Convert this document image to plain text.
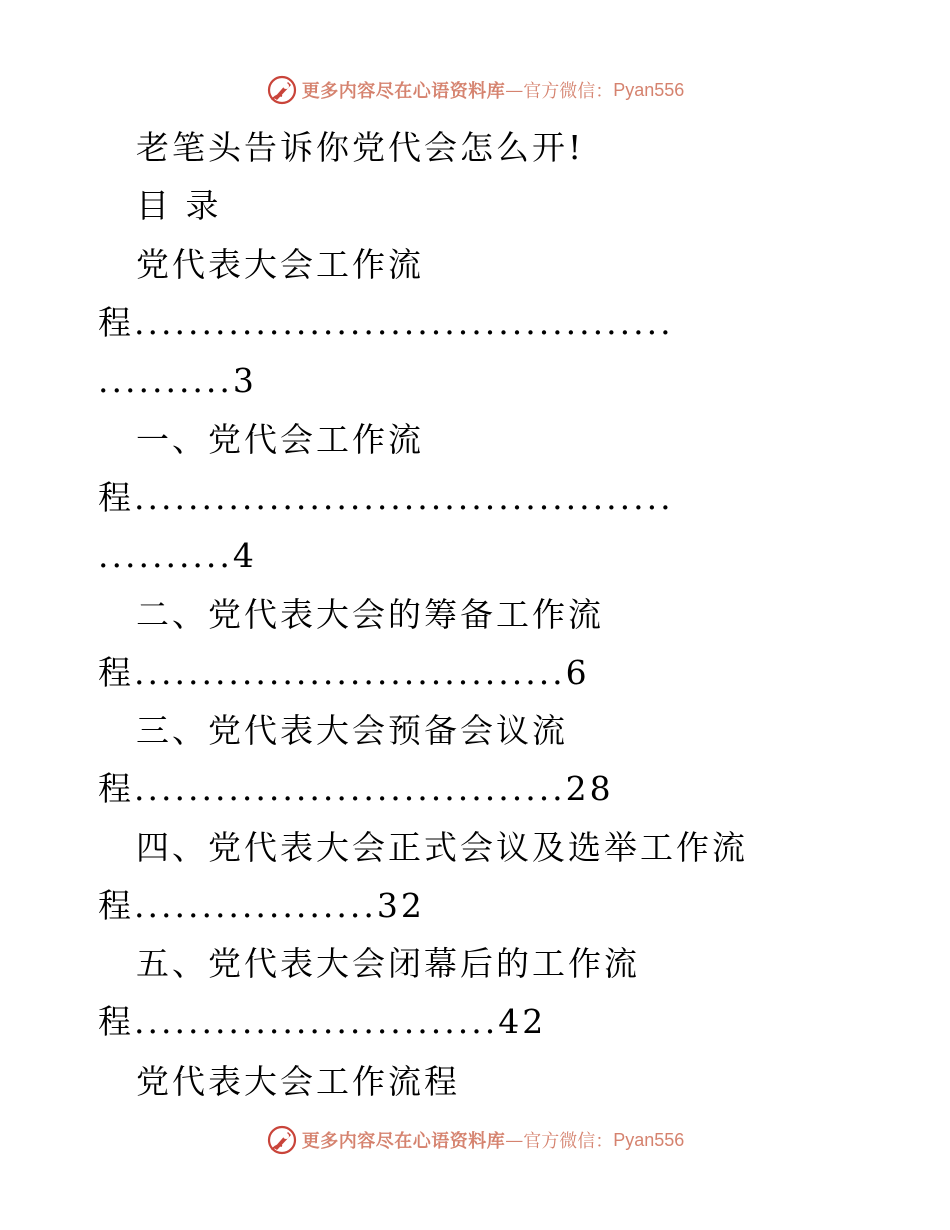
更多内容尽在心语资料库 — 官方微信： Pyan556

老笔头告诉你党代会怎么开!

目 录

党代表大会工作流

程........................................

..........3

一、党代会工作流

程........................................

..........4

二、党代表大会的筹备工作流

程................................6

三、党代表大会预备会议流

程................................28

四、党代表大会正式会议及选举工作流

程..................32

五、党代表大会闭幕后的工作流

程...........................42

党代表大会工作流程

更多内容尽在心语资料库 — 官方微信： Pyan556
